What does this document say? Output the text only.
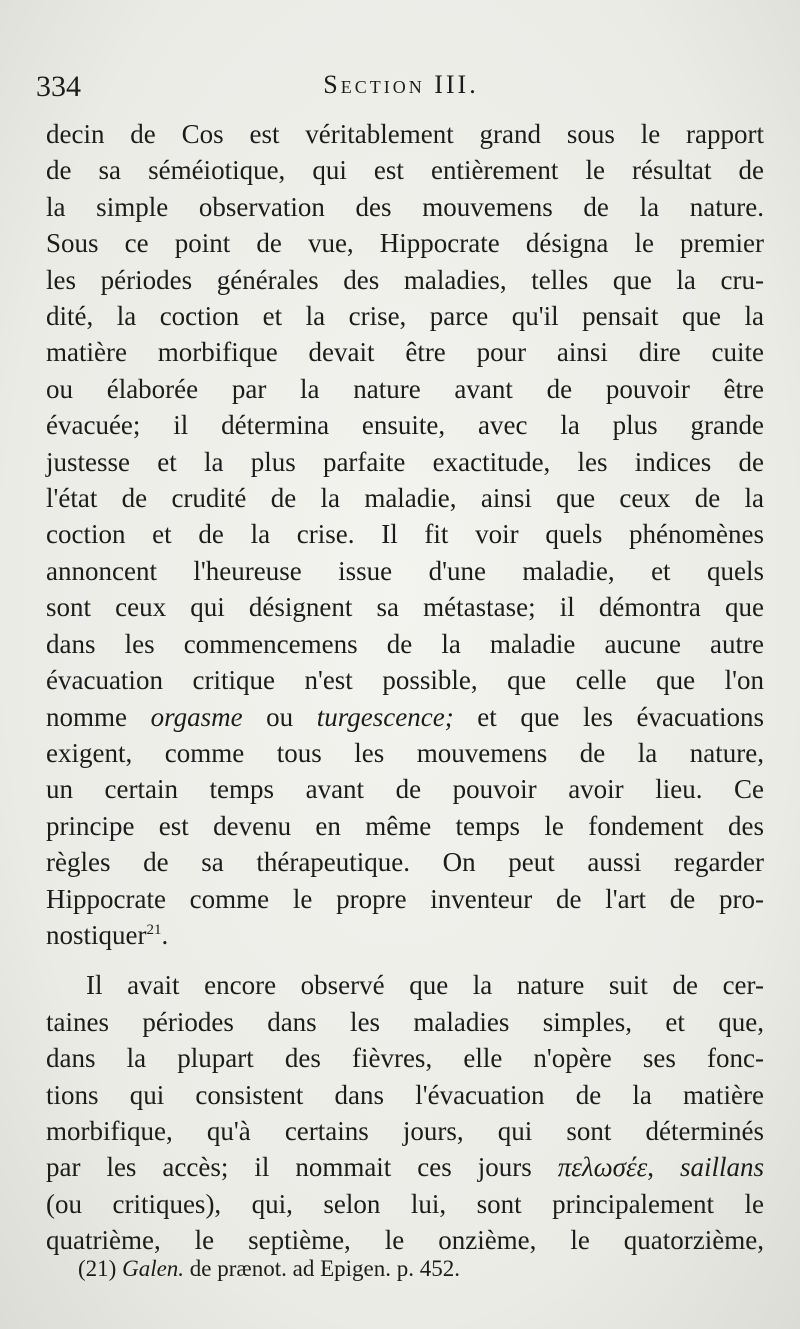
334	Section III.
decin de Cos est véritablement grand sous le rapport
de sa séméiotique, qui est entièrement le résultat de
la simple observation des mouvemens de la nature.
Sous ce point de vue, Hippocrate désigna le premier
les périodes générales des maladies, telles que la cru-
dité, la coction et la crise, parce qu'il pensait que la
matière morbifique devait être pour ainsi dire cuite
ou élaborée par la nature avant de pouvoir être
évacuée; il détermina ensuite, avec la plus grande
justesse et la plus parfaite exactitude, les indices de
l'état de crudité de la maladie, ainsi que ceux de la
coction et de la crise. Il fit voir quels phénomènes
annoncent l'heureuse issue d'une maladie, et quels
sont ceux qui désignent sa métastase; il démontra que
dans les commencemens de la maladie aucune autre
évacuation critique n'est possible, que celle que l'on
nomme orgasme ou turgescence; et que les évacuations
exigent, comme tous les mouvemens de la nature,
un certain temps avant de pouvoir avoir lieu. Ce
principe est devenu en même temps le fondement des
règles de sa thérapeutique. On peut aussi regarder
Hippocrate comme le propre inventeur de l'art de pro-
nostiquer$^{21}$.
Il avait encore observé que la nature suit de cer-
taines périodes dans les maladies simples, et que,
dans la plupart des fièvres, elle n'opère ses fonc-
tions qui consistent dans l'évacuation de la matière
morbifique, qu'à certains jours, qui sont déterminés
par les accès; il nommait ces jours πελωσέε, saillans
(ou critiques), qui, selon lui, sont principalement le
quatrième, le septième, le onzième, le quatorzième,
(21) Galen. de prænot. ad Epigen. p. 452.
